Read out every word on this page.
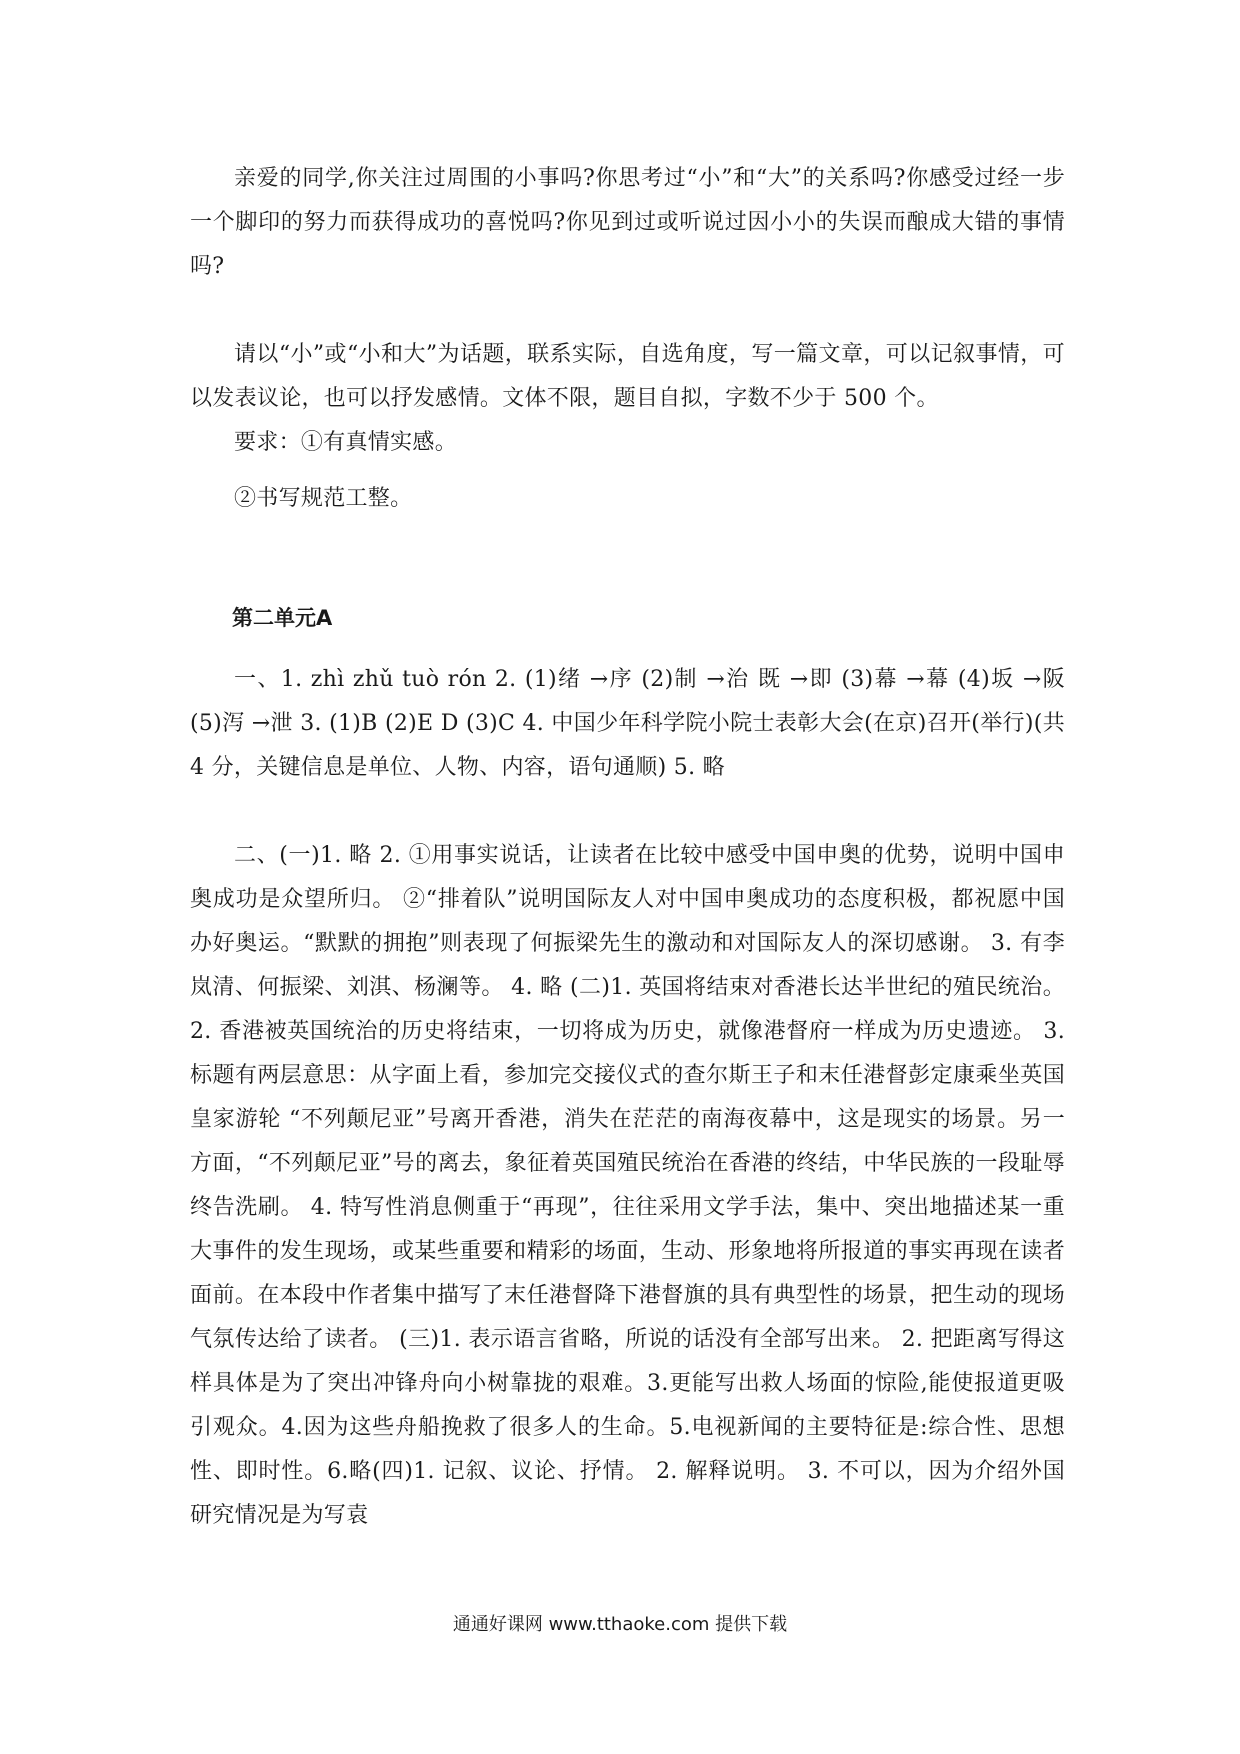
亲爱的同学,你关注过周围的小事吗?你思考过“小”和“大”的关系吗?你感受过经一步一个脚印的努力而获得成功的喜悦吗?你见到过或听说过因小小的失误而酿成大错的事情吗?

请以“小”或“小和大”为话题，联系实际，自选角度，写一篇文章，可以记叙事情，可以发表议论，也可以抒发感情。文体不限，题目自拟，字数不少于 500 个。

要求：①有真情实感。

②书写规范工整。

第二单元A

一、1. zhì zhǔ tuò rón 2. (1)绪 →序 (2)制 →治 既 →即 (3)幕 →幕 (4)坂 →阪 (5)泻 →泄 3. (1)B (2)E D (3)C 4. 中国少年科学院小院士表彰大会(在京)召开(举行)(共 4 分，关键信息是单位、人物、内容，语句通顺) 5. 略

二、(一)1. 略 2. ①用事实说话，让读者在比较中感受中国申奥的优势，说明中国申奥成功是众望所归。 ②“排着队”说明国际友人对中国申奥成功的态度积极，都祝愿中国办好奥运。“默默的拥抱”则表现了何振梁先生的激动和对国际友人的深切感谢。 3. 有李岚清、何振梁、刘淇、杨澜等。 4. 略 (二)1. 英国将结束对香港长达半世纪的殖民统治。2. 香港被英国统治的历史将结束，一切将成为历史，就像港督府一样成为历史遗迹。 3. 标题有两层意思：从字面上看，参加完交接仪式的查尔斯王子和末任港督彭定康乘坐英国皇家游轮 “不列颠尼亚”号离开香港，消失在茫茫的南海夜幕中，这是现实的场景。另一方面，“不列颠尼亚”号的离去，象征着英国殖民统治在香港的终结，中华民族的一段耻辱终告洗刷。 4. 特写性消息侧重于“再现”，往往采用文学手法，集中、突出地描述某一重大事件的发生现场，或某些重要和精彩的场面，生动、形象地将所报道的事实再现在读者面前。在本段中作者集中描写了末任港督降下港督旗的具有典型性的场景，把生动的现场气氛传达给了读者。 (三)1. 表示语言省略，所说的话没有全部写出来。 2. 把距离写得这样具体是为了突出冲锋舟向小树靠拢的艰难。3.更能写出救人场面的惊险,能使报道更吸引观众。4.因为这些舟船挽救了很多人的生命。5.电视新闻的主要特征是:综合性、思想性、即时性。6.略(四)1. 记叙、议论、抒情。 2. 解释说明。 3. 不可以，因为介绍外国研究情况是为写袁

通通好课网 www.tthaoke.com 提供下载
